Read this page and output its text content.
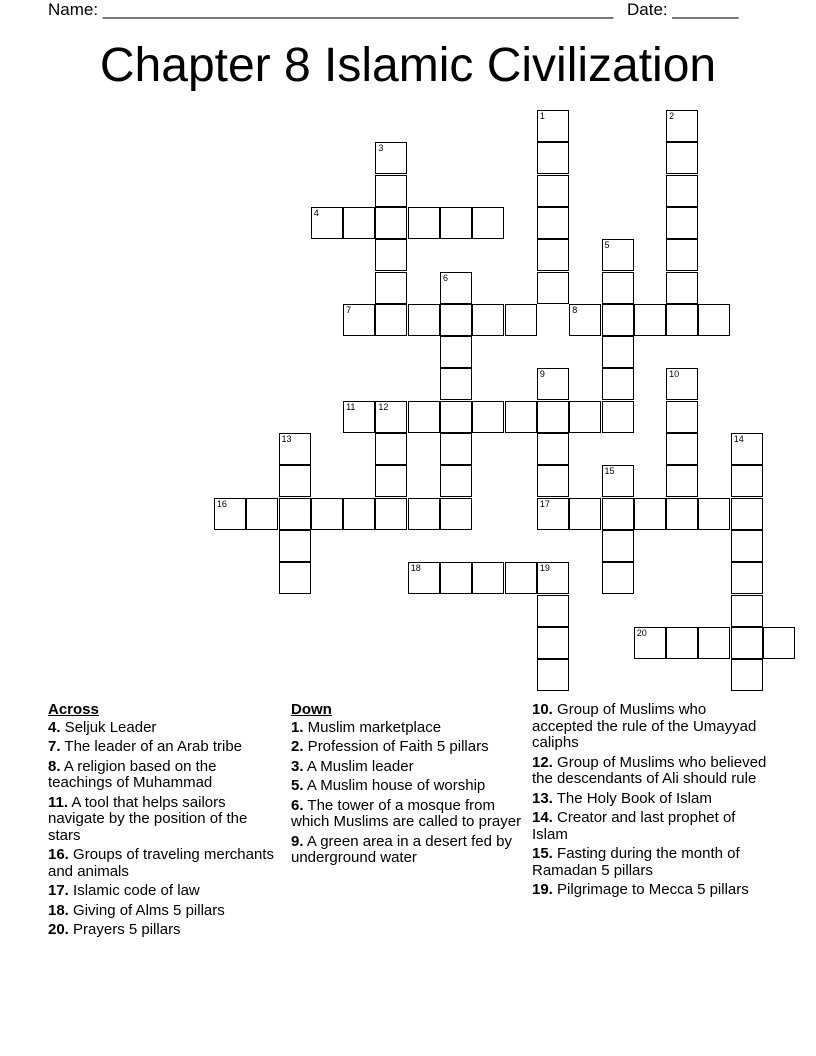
Name: ______________________________________________________ Date: _______
Chapter 8 Islamic Civilization
1	2
3
4
5
6
7	8
9
17
10
11	12
13	14
15
16
18	19
20
Across
4. Seljuk Leader
7. The leader of an Arab tribe
8. A religion based on the teachings of Muhammad
11. A tool that helps sailors navigate by the position of the stars
16. Groups of traveling merchants and animals
17. Islamic code of law
18. Giving of Alms 5 pillars
20. Prayers 5 pillars
Down
1. Muslim marketplace
2. Profession of Faith 5 pillars
3. A Muslim leader
5. A Muslim house of worship
6. The tower of a mosque from which Muslims are called to prayer
9. A green area in a desert fed by underground water
10. Group of Muslims who accepted the rule of the Umayyad caliphs
12. Group of Muslims who believed the descendants of Ali should rule
13. The Holy Book of Islam
14. Creator and last prophet of Islam
15. Fasting during the month of Ramadan 5 pillars
19. Pilgrimage to Mecca 5 pillars
